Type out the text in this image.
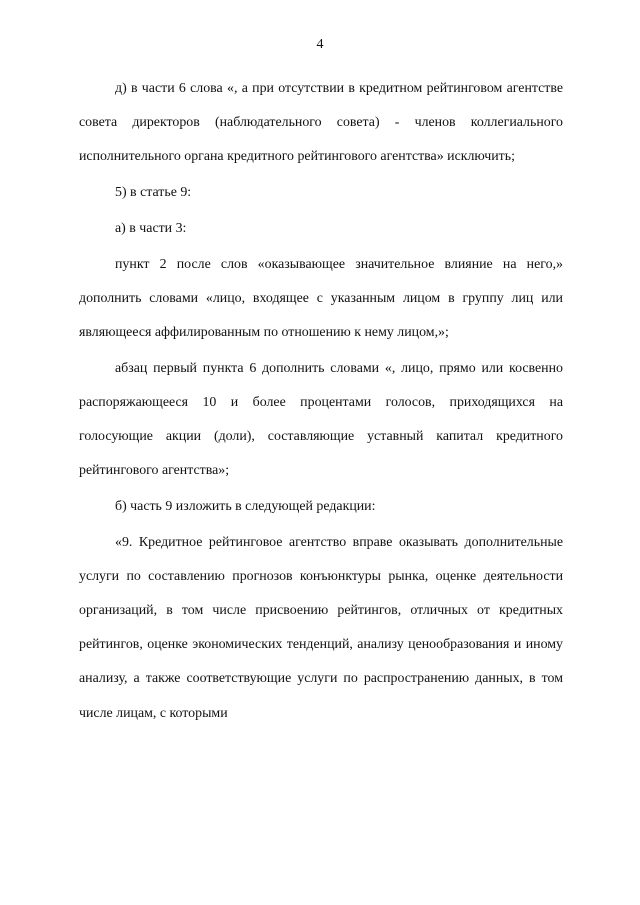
4

д) в части 6 слова «, а при отсутствии в кредитном рейтинговом агентстве совета директоров (наблюдательного совета) - членов коллегиального исполнительного органа кредитного рейтингового агентства» исключить;

5) в статье 9:

а) в части 3:

пункт 2 после слов «оказывающее значительное влияние на него,» дополнить словами «лицо, входящее с указанным лицом в группу лиц или являющееся аффилированным по отношению к нему лицом,»;

абзац первый пункта 6 дополнить словами «, лицо, прямо или косвенно распоряжающееся 10 и более процентами голосов, приходящихся на голосующие акции (доли), составляющие уставный капитал кредитного рейтингового агентства»;

б) часть 9 изложить в следующей редакции:

«9. Кредитное рейтинговое агентство вправе оказывать дополнительные услуги по составлению прогнозов конъюнктуры рынка, оценке деятельности организаций, в том числе присвоению рейтингов, отличных от кредитных рейтингов, оценке экономических тенденций, анализу ценообразования и иному анализу, а также соответствующие услуги по распространению данных, в том числе лицам, с которыми
